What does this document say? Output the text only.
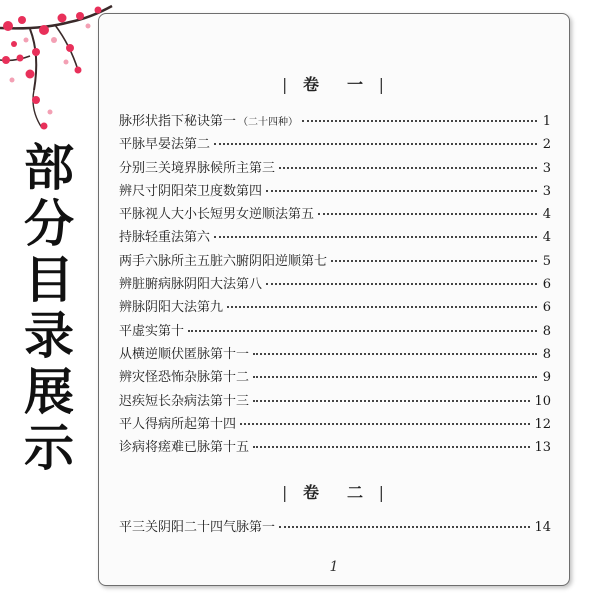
部
分
目
录
展
示
| 卷 一 |
脉形状指下秘诀第一 （二十四种）	1
平脉早晏法第二	2
分别三关境界脉候所主第三	3
辨尺寸阴阳荣卫度数第四	3
平脉视人大小长短男女逆顺法第五	4
持脉轻重法第六	4
两手六脉所主五脏六腑阴阳逆顺第七	5
辨脏腑病脉阴阳大法第八	6
辨脉阴阳大法第九	6
平虚实第十	8
从横逆顺伏匿脉第十一	8
辨灾怪恐怖杂脉第十二	9
迟疾短长杂病法第十三	10
平人得病所起第十四	12
诊病将瘥难已脉第十五	13
| 卷 二 |
平三关阴阳二十四气脉第一	14
1
